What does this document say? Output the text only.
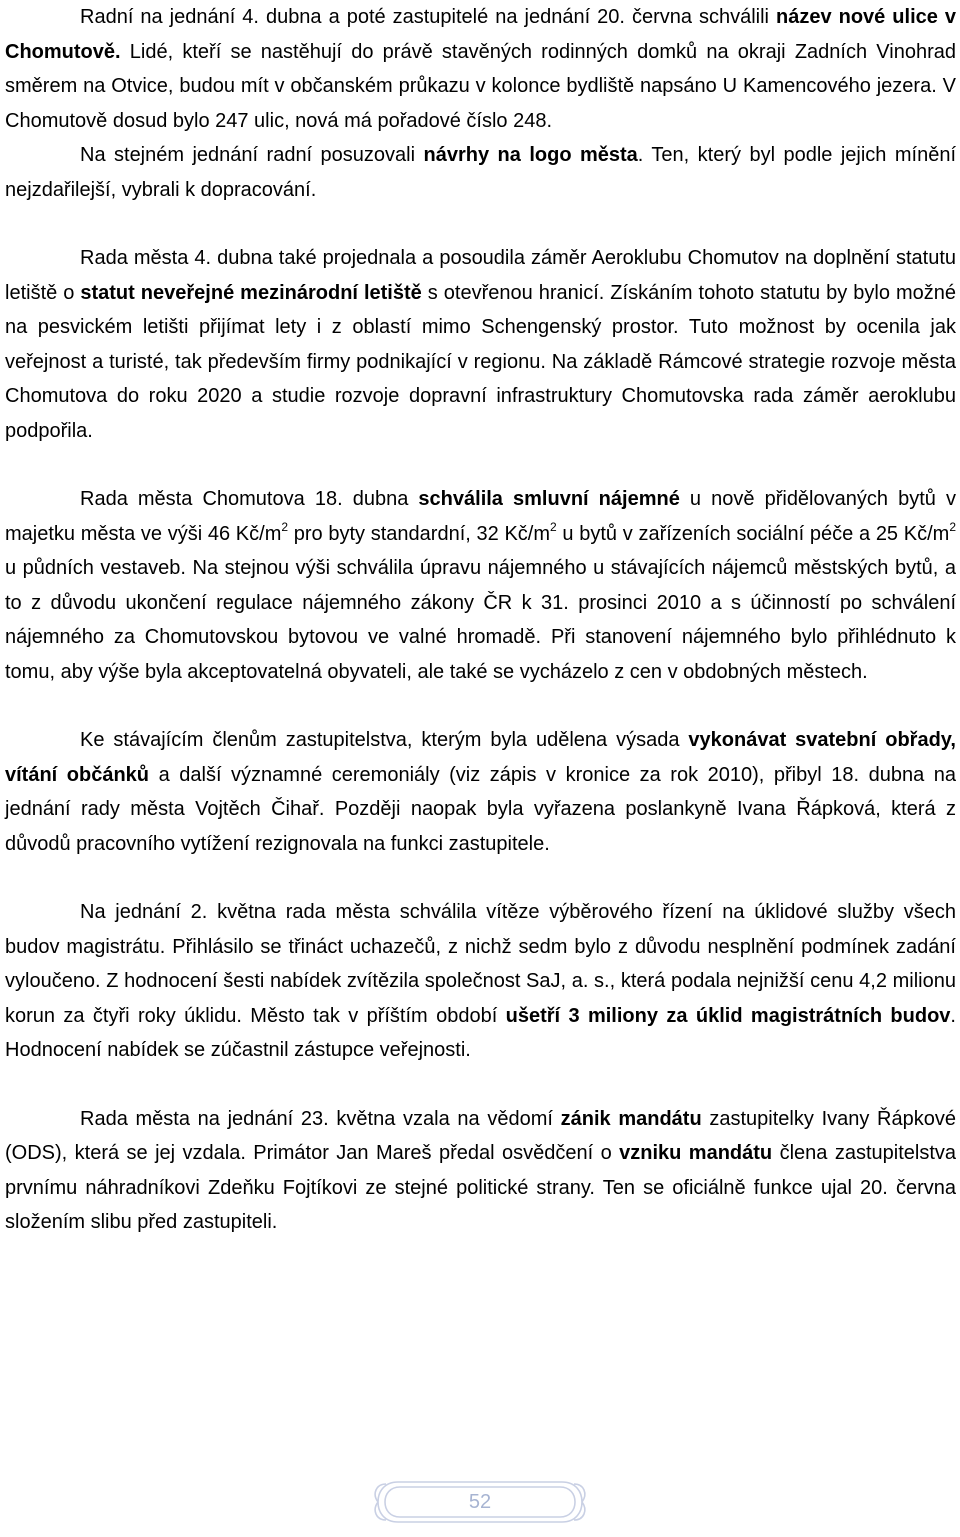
Radní na jednání 4. dubna a poté zastupitelé na jednání 20. června schválili název nové ulice v Chomutově. Lidé, kteří se nastěhují do právě stavěných rodinných domků na okraji Zadních Vinohrad směrem na Otvice, budou mít v občanském průkazu v kolonce bydliště napsáno U Kamencového jezera. V Chomutově dosud bylo 247 ulic, nová má pořadové číslo 248.

Na stejném jednání radní posuzovali návrhy na logo města. Ten, který byl podle jejich mínění nejzdařilejší, vybrali k dopracování.

Rada města 4. dubna také projednala a posoudila záměr Aeroklubu Chomutov na doplnění statutu letiště o statut neveřejné mezinárodní letiště s otevřenou hranicí. Získáním tohoto statutu by bylo možné na pesvickém letišti přijímat lety i z oblastí mimo Schengenský prostor. Tuto možnost by ocenila jak veřejnost a turisté, tak především firmy podnikající v regionu. Na základě Rámcové strategie rozvoje města Chomutova do roku 2020 a studie rozvoje dopravní infrastruktury Chomutovska rada záměr aeroklubu podpořila.

Rada města Chomutova 18. dubna schválila smluvní nájemné u nově přidělovaných bytů v majetku města ve výši 46 $Kč/m^2$ pro byty standardní, 32 $Kč/m^2$ u bytů v zařízeních sociální péče a 25 $Kč/m^2$ u půdních vestaveb. Na stejnou výši schválila úpravu nájemného u stávajících nájemců městských bytů, a to z důvodu ukončení regulace nájemného zákony ČR k 31. prosinci 2010 a s účinností po schválení nájemného za Chomutovskou bytovou ve valné hromadě. Při stanovení nájemného bylo přihlédnuto k tomu, aby výše byla akceptovatelná obyvateli, ale také se vycházelo z cen v obdobných městech.

Ke stávajícím členům zastupitelstva, kterým byla udělena výsada vykonávat svatební obřady, vítání občánků a další významné ceremoniály (viz zápis v kronice za rok 2010), přibyl 18. dubna na jednání rady města Vojtěch Čihař. Později naopak byla vyřazena poslankyně Ivana Řápková, která z důvodů pracovního vytížení rezignovala na funkci zastupitele.

Na jednání 2. května rada města schválila vítěze výběrového řízení na úklidové služby všech budov magistrátu. Přihlásilo se třináct uchazečů, z nichž sedm bylo z důvodu nesplnění podmínek zadání vyloučeno. Z hodnocení šesti nabídek zvítězila společnost SaJ, a. s., která podala nejnižší cenu 4,2 milionu korun za čtyři roky úklidu. Město tak v příštím období ušetří 3 miliony za úklid magistrátních budov. Hodnocení nabídek se zúčastnil zástupce veřejnosti.

Rada města na jednání 23. května vzala na vědomí zánik mandátu zastupitelky Ivany Řápkové (ODS), která se jej vzdala. Primátor Jan Mareš předal osvědčení o vzniku mandátu člena zastupitelstva prvnímu náhradníkovi Zdeňku Fojtíkovi ze stejné politické strany. Ten se oficiálně funkce ujal 20. června složením slibu před zastupiteli.

52
